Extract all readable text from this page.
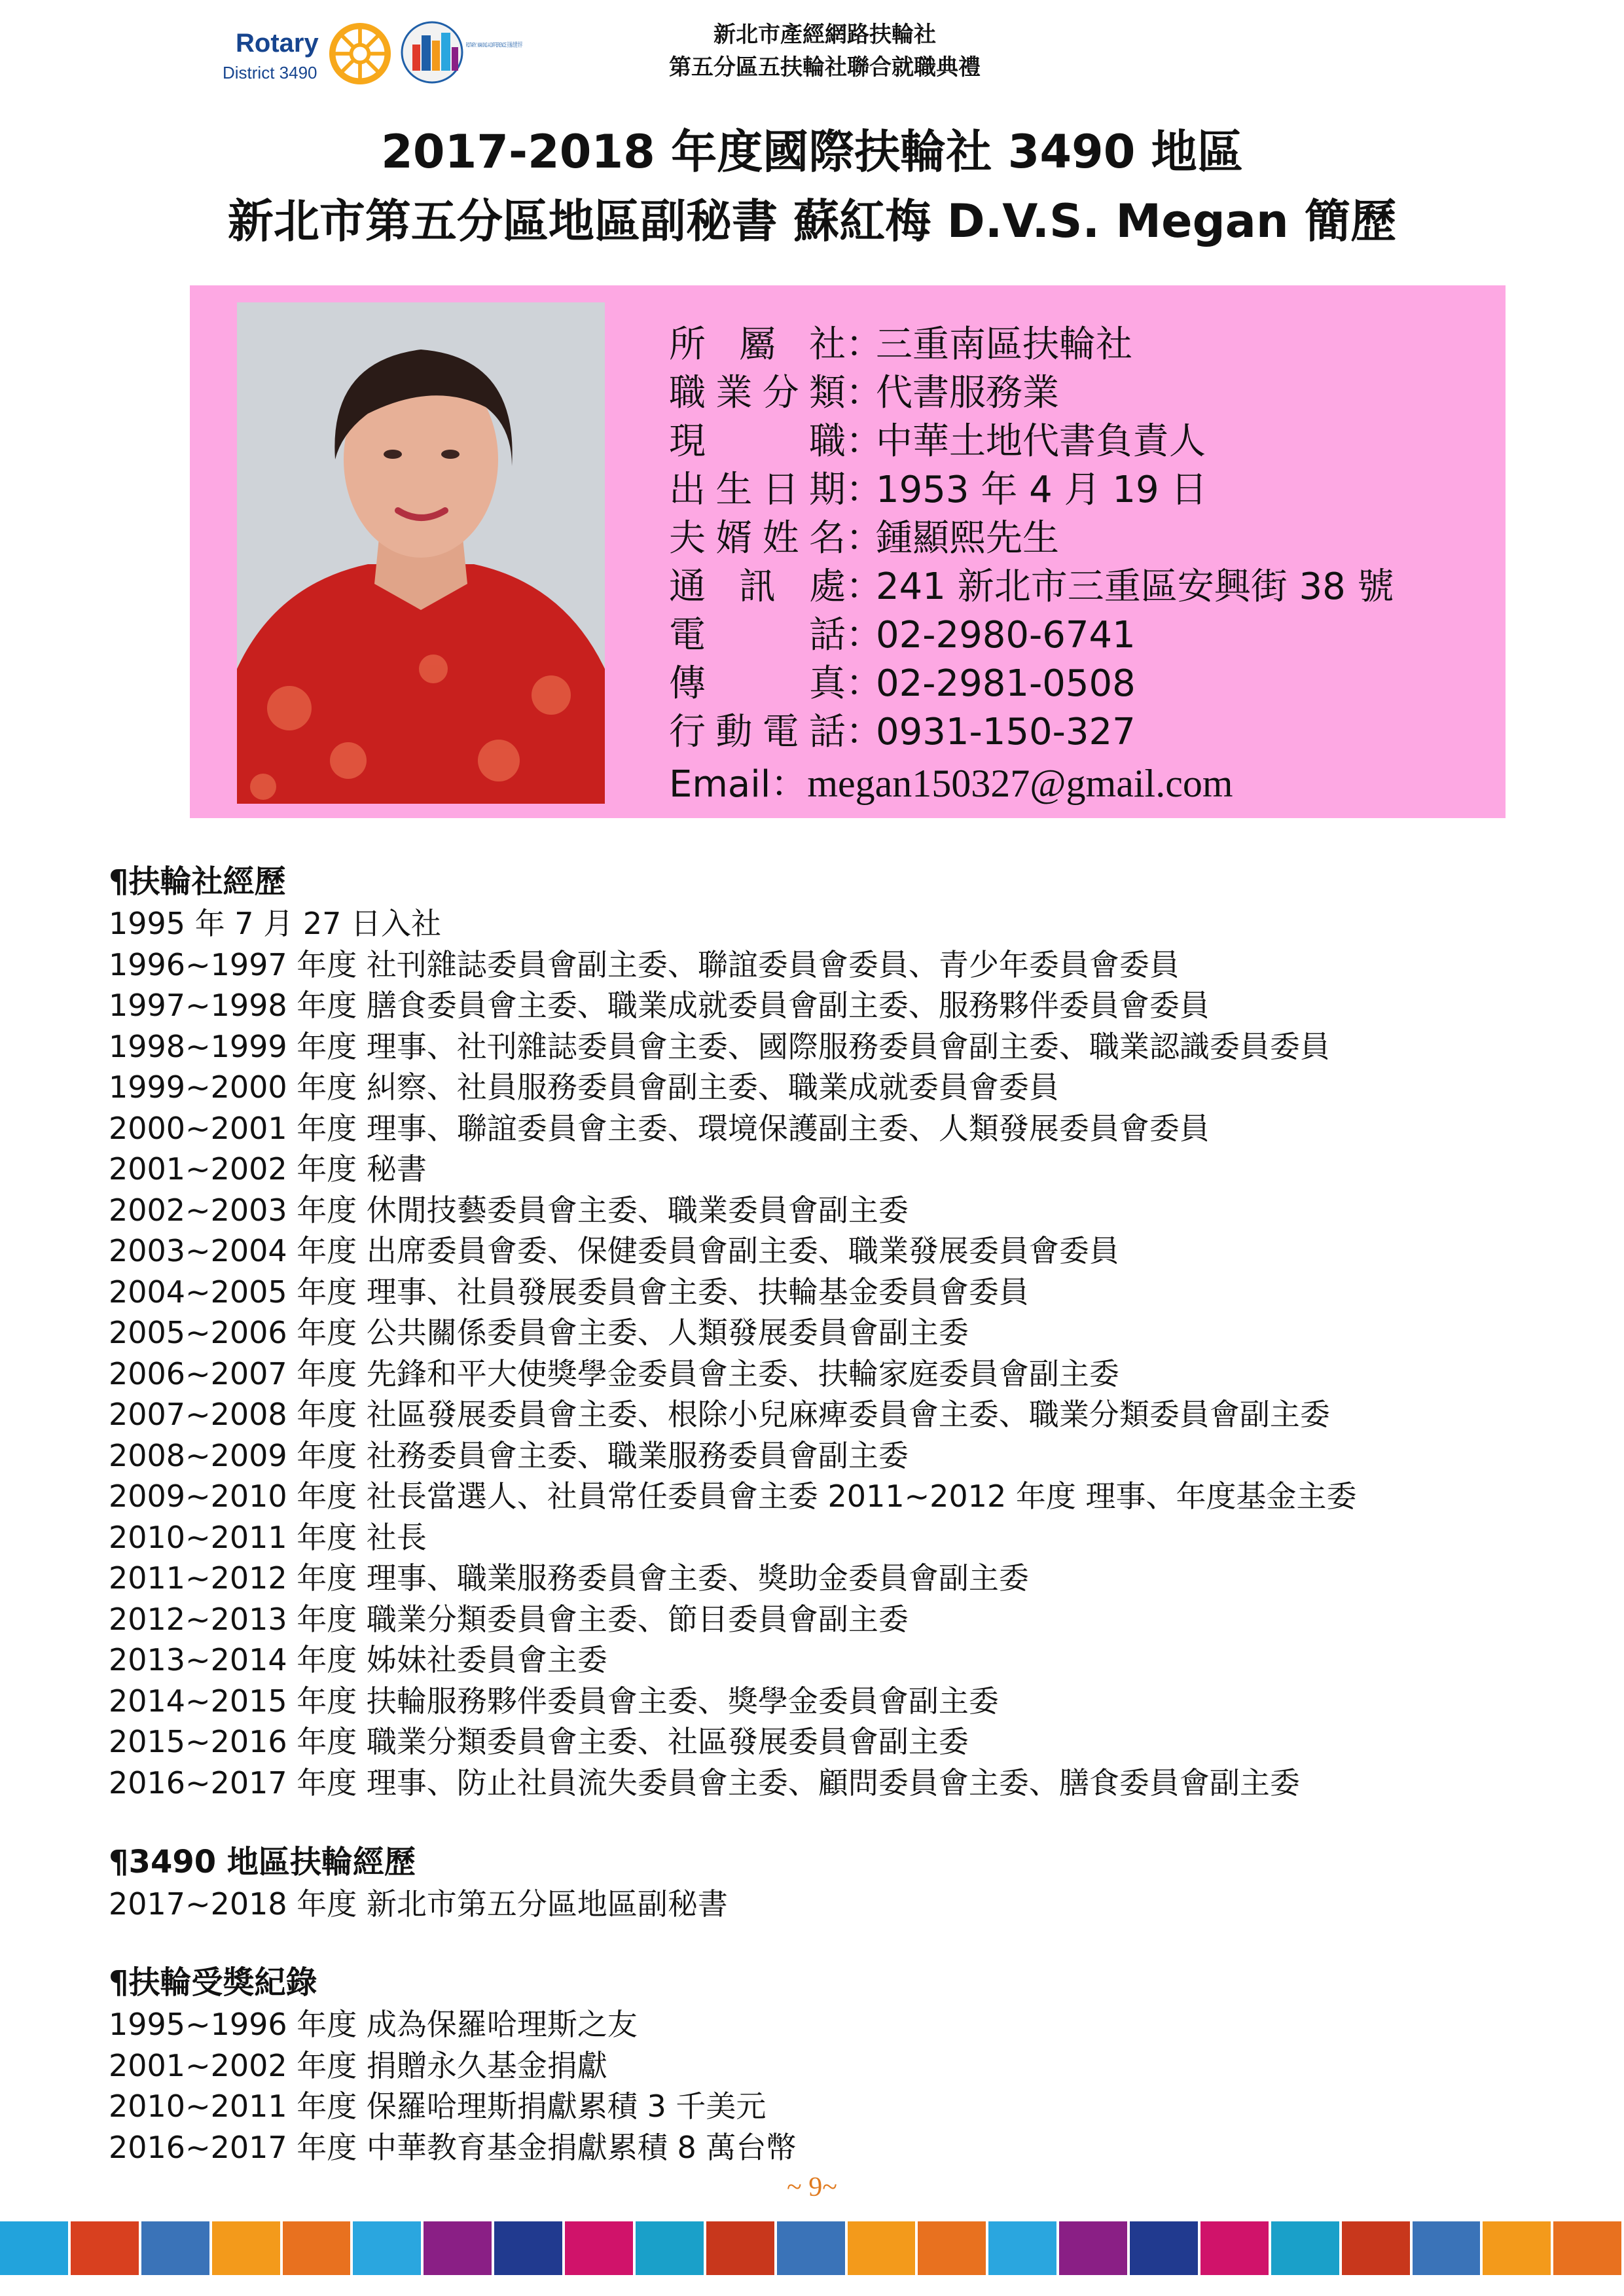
Rotary
District 3490
ROTARY: MAKING A DIFFERENCE 扶輪改變世界	新北市產經網路扶輪社
第五分區五扶輪社聯合就職典禮
2017-2018 年度國際扶輪社 3490 地區
新北市第五分區地區副秘書 蘇紅梅 D.V.S. Megan 簡歷
所屬社：三重南區扶輪社
職業分類：代書服務業
現職：中華土地代書負責人
出生日期：1953 年 4 月 19 日
夫婿姓名：鍾顯熙先生
通訊處：241 新北市三重區安興街 38 號
電話：02-2980-6741
傳真：02-2981-0508
行動電話：0931-150-327
Email：megan150327@gmail.com
¶扶輪社經歷
1995 年 7 月 27 日入社
1996~1997 年度 社刊雜誌委員會副主委、聯誼委員會委員、青少年委員會委員
1997~1998 年度 膳食委員會主委、職業成就委員會副主委、服務夥伴委員會委員
1998~1999 年度 理事、社刊雜誌委員會主委、國際服務委員會副主委、職業認識委員委員
1999~2000 年度 糾察、社員服務委員會副主委、職業成就委員會委員
2000~2001 年度 理事、聯誼委員會主委、環境保護副主委、人類發展委員會委員
2001~2002 年度 秘書
2002~2003 年度 休閒技藝委員會主委、職業委員會副主委
2003~2004 年度 出席委員會委、保健委員會副主委、職業發展委員會委員
2004~2005 年度 理事、社員發展委員會主委、扶輪基金委員會委員
2005~2006 年度 公共關係委員會主委、人類發展委員會副主委
2006~2007 年度 先鋒和平大使獎學金委員會主委、扶輪家庭委員會副主委
2007~2008 年度 社區發展委員會主委、根除小兒麻痺委員會主委、職業分類委員會副主委
2008~2009 年度 社務委員會主委、職業服務委員會副主委
2009~2010 年度 社長當選人、社員常任委員會主委 2011~2012 年度 理事、年度基金主委
2010~2011 年度 社長
2011~2012 年度 理事、職業服務委員會主委、獎助金委員會副主委
2012~2013 年度 職業分類委員會主委、節目委員會副主委
2013~2014 年度 姊妹社委員會主委
2014~2015 年度 扶輪服務夥伴委員會主委、獎學金委員會副主委
2015~2016 年度 職業分類委員會主委、社區發展委員會副主委
2016~2017 年度 理事、防止社員流失委員會主委、顧問委員會主委、膳食委員會副主委
¶3490 地區扶輪經歷
2017~2018 年度 新北市第五分區地區副秘書
¶扶輪受獎紀錄
1995~1996 年度 成為保羅哈理斯之友
2001~2002 年度 捐贈永久基金捐獻
2010~2011 年度 保羅哈理斯捐獻累積 3 千美元
2016~2017 年度 中華教育基金捐獻累積 8 萬台幣
~ 9~
